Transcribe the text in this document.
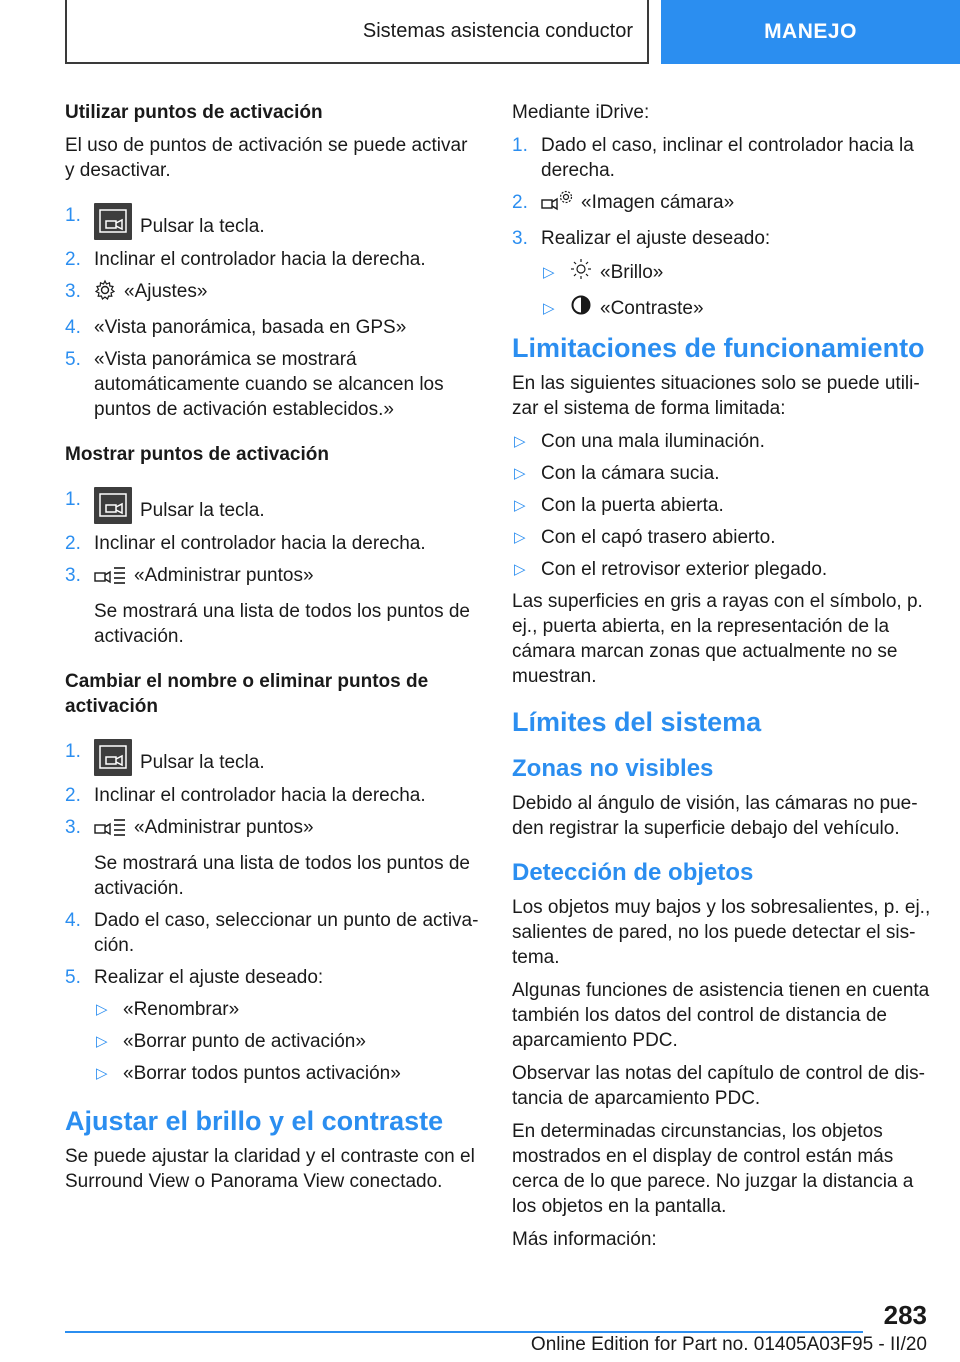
Sistemas asistencia conductor	MANEJO
Utilizar puntos de activación
El uso de puntos de activación se puede activar y desactivar.
1.
Pulsar la tecla.
2. Inclinar el controlador hacia la derecha.
3.	«Ajustes»
4. «Vista panorámica, basada en GPS»
5. «Vista panorámica se mostrará automáticamente cuando se alcancen los puntos de activación establecidos.»
Mostrar puntos de activación
1.
Pulsar la tecla.
2. Inclinar el controlador hacia la derecha.
3.	«Administrar puntos»
Se mostrará una lista de todos los puntos de activación.
Cambiar el nombre o eliminar puntos de activación
1.
Pulsar la tecla.
2. Inclinar el controlador hacia la derecha.
3.	«Administrar puntos»
Se mostrará una lista de todos los puntos de activación.
4. Dado el caso, seleccionar un punto de activa‐ción.
5. Realizar el ajuste deseado:
▷ «Renombrar»
▷ «Borrar punto de activación»
▷ «Borrar todos puntos activación»
Ajustar el brillo y el contraste
Se puede ajustar la claridad y el contraste con el Surround View o Panorama View conectado.
Mediante iDrive:
1. Dado el caso, inclinar el controlador hacia la derecha.
2.	«Imagen cámara»
3. Realizar el ajuste deseado:
▷	«Brillo»
▷	«Contraste»
Limitaciones de funcionamiento
En las siguientes situaciones solo se puede utili‐zar el sistema de forma limitada:
▷ Con una mala iluminación.
▷ Con la cámara sucia.
▷ Con la puerta abierta.
▷ Con el capó trasero abierto.
▷ Con el retrovisor exterior plegado.
Las superficies en gris a rayas con el símbolo, p. ej., puerta abierta, en la representación de la cámara marcan zonas que actualmente no se muestran.
Límites del sistema
Zonas no visibles
Debido al ángulo de visión, las cámaras no pue‐den registrar la superficie debajo del vehículo.
Detección de objetos
Los objetos muy bajos y los sobresalientes, p. ej., salientes de pared, no los puede detectar el sis‐tema.
Algunas funciones de asistencia tienen en cuenta también los datos del control de distancia de aparcamiento PDC.
Observar las notas del capítulo de control de dis‐tancia de aparcamiento PDC.
En determinadas circunstancias, los objetos mostrados en el display de control están más cerca de lo que parece. No juzgar la distancia a los objetos en la pantalla.
Más información:
283
Online Edition for Part no. 01405A03F95 - II/20
